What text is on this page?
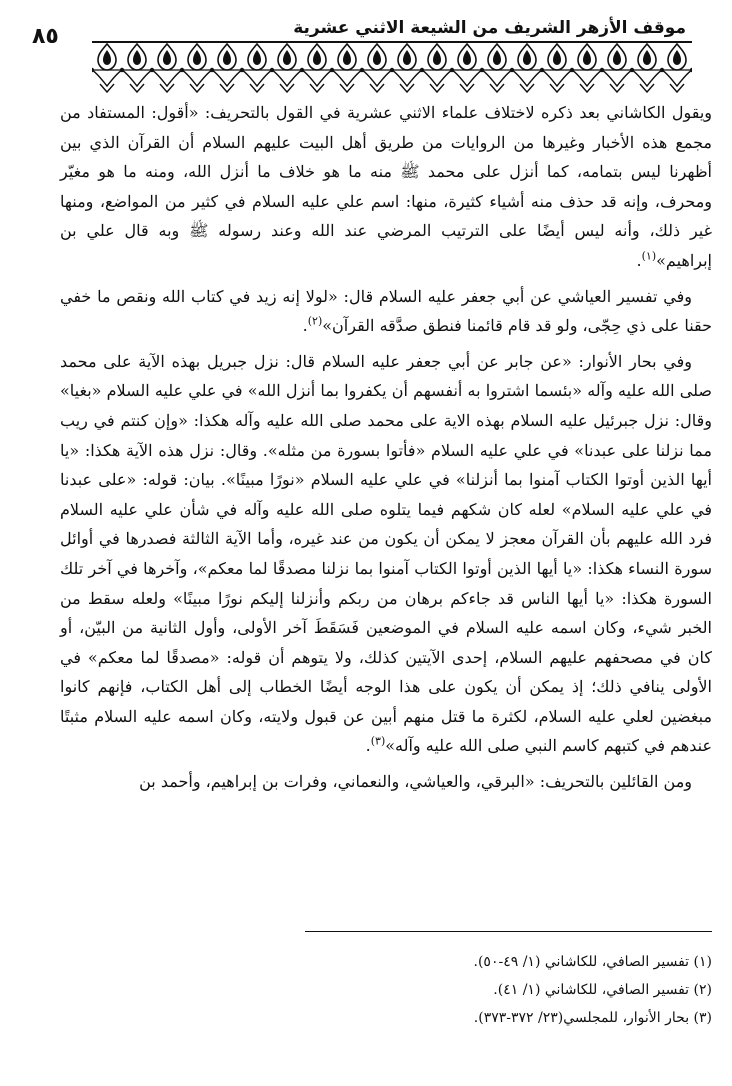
٨٥	موقف الأزهر الشريف من الشيعة الاثني عشرية

ويقول الكاشاني بعد ذكره لاختلاف علماء الاثني عشرية في القول بالتحريف: «أقول: المستفاد من مجمع هذه الأخبار وغيرها من الروايات من طريق أهل البيت عليهم السلام أن القرآن الذي بين أظهرنا ليس بتمامه، كما أنزل على محمد ﷺ منه ما هو خلاف ما أنزل الله، ومنه ما هو مغيّر ومحرف، وإنه قد حذف منه أشياء كثيرة، منها: اسم علي عليه السلام في كثير من المواضع، ومنها غير ذلك، وأنه ليس أيضًا على الترتيب المرضي عند الله وعند رسوله ﷺ وبه قال علي بن إبراهيم»$^{(١)}$.

وفي تفسير العياشي عن أبي جعفر عليه السلام قال: «لولا إنه زيد في كتاب الله ونقص ما خفي حقنا على ذي حِجّى، ولو قد قام قائمنا فنطق صدَّقه القرآن»$^{(٢)}$.

وفي بحار الأنوار: «عن جابر عن أبي جعفر عليه السلام قال: نزل جبريل بهذه الآية على محمد صلى الله عليه وآله «بئسما اشتروا به أنفسهم أن يكفروا بما أنزل الله» في علي عليه السلام «بغيا» وقال: نزل جبرئيل عليه السلام بهذه الاية على محمد صلى الله عليه وآله هكذا: «وإن كنتم في ريب مما نزلنا على عبدنا» في علي عليه السلام «فأتوا بسورة من مثله». وقال: نزل هذه الآية هكذا: «يا أيها الذين أوتوا الكتاب آمنوا بما أنزلنا» في علي عليه السلام «نورًا مبينًا». بيان: قوله: «على عبدنا في علي عليه السلام» لعله كان شكهم فيما يتلوه صلى الله عليه وآله في شأن علي عليه السلام فرد الله عليهم بأن القرآن معجز لا يمكن أن يكون من عند غيره، وأما الآية الثالثة فصدرها في أوائل سورة النساء هكذا: «يا أيها الذين أوتوا الكتاب آمنوا بما نزلنا مصدقًا لما معكم»، وآخرها في آخر تلك السورة هكذا: «يا أيها الناس قد جاءكم برهان من ربكم وأنزلنا إليكم نورًا مبينًا» ولعله سقط من الخبر شيء، وكان اسمه عليه السلام في الموضعين فَسَقَطَ آخر الأولى، وأول الثانية من البيّن، أو كان في مصحفهم عليهم السلام، إحدى الآيتين كذلك، ولا يتوهم أن قوله: «مصدقًا لما معكم» في الأولى ينافي ذلك؛ إذ يمكن أن يكون على هذا الوجه أيضًا الخطاب إلى أهل الكتاب، فإنهم كانوا مبغضين لعلي عليه السلام، لكثرة ما قتل منهم أبين عن قبول ولايته، وكان اسمه عليه السلام مثبتًا عندهم في كتبهم كاسم النبي صلى الله عليه وآله»$^{(٣)}$.

ومن القائلين بالتحريف: «البرقي، والعياشي، والنعماني، وفرات بن إبراهيم، وأحمد بن

(١) تفسير الصافي، للكاشاني (١/ ٤٩-٥٠).
(٢) تفسير الصافي، للكاشاني (١/ ٤١).
(٣) بحار الأنوار، للمجلسي(٢٣/ ٣٧٢-٣٧٣).
